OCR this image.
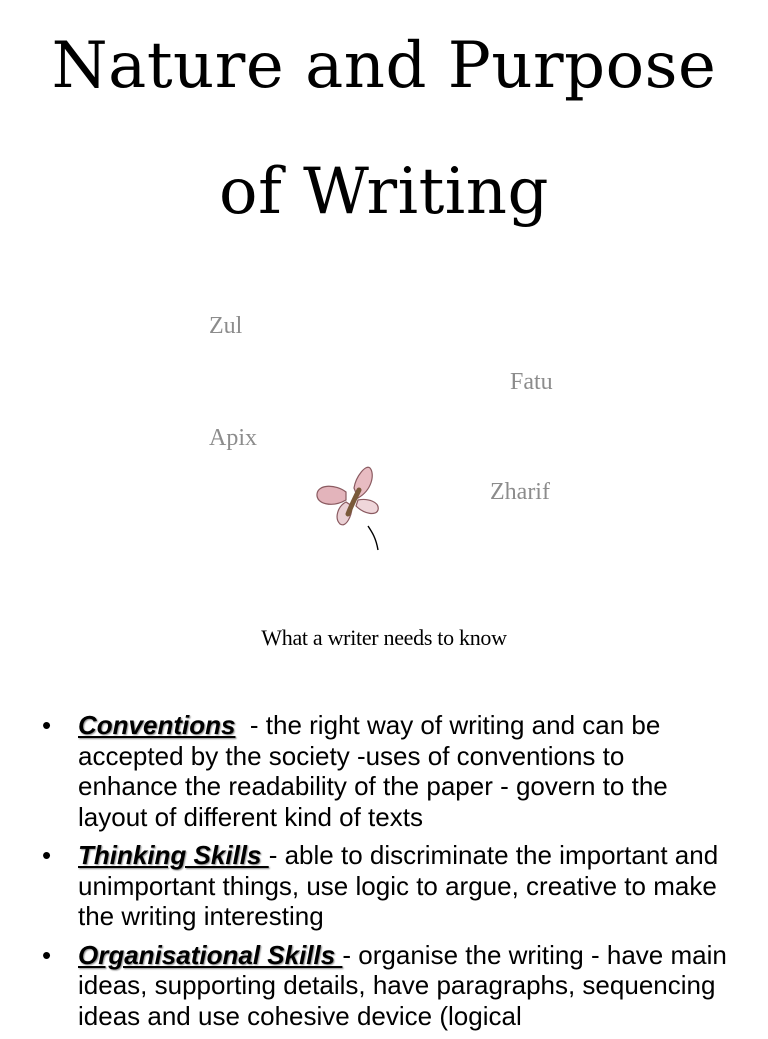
Nature and Purpose
of Writing
Zul
Fatu
Apix
Zharif
What a writer needs to know
• Conventions  - the right way of writing and can be accepted by the society -uses of conventions to enhance the readability of the paper - govern to the layout of different kind of texts
• Thinking Skills - able to discriminate the important and unimportant things, use logic to argue, creative to make the writing interesting
• Organisational Skills - organise the writing - have main ideas, supporting details, have paragraphs, sequencing ideas and use cohesive device (logical
